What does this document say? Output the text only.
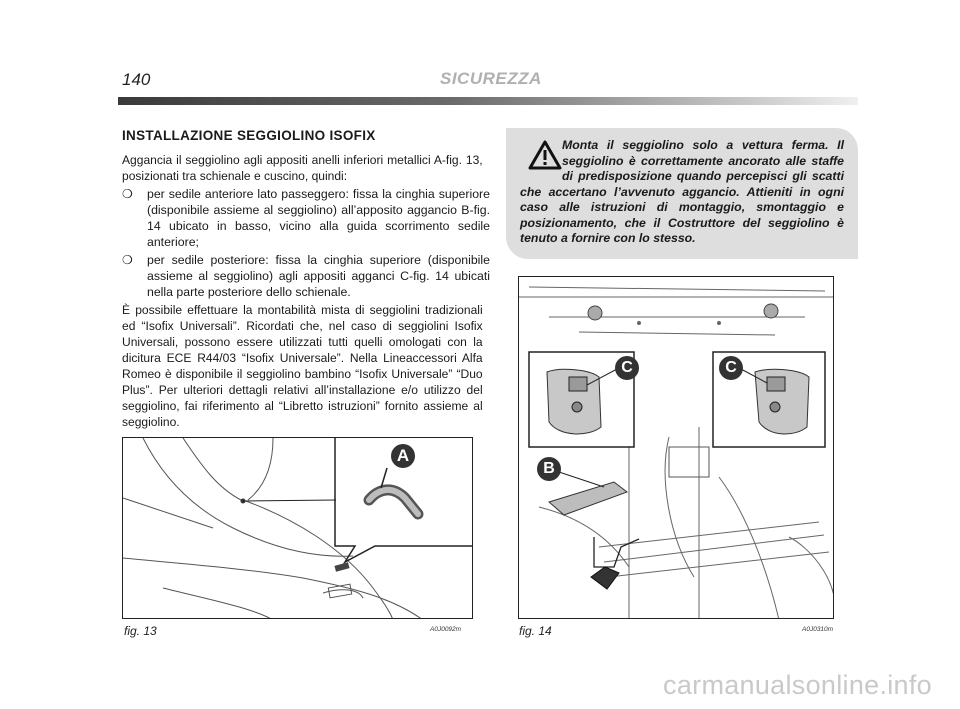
140	SICUREZZA
INSTALLAZIONE SEGGIOLINO ISOFIX

Aggancia il seggiolino agli appositi anelli inferiori metallici A-fig. 13, posizionati tra schienale e cuscino, quindi:

❍	per sedile anteriore lato passeggero: fissa la cinghia superiore (disponibile assieme al seggiolino) all’apposito aggancio B-fig. 14 ubicato in basso, vicino alla guida scorrimento sedile anteriore;
❍	per sedile posteriore: fissa la cinghia superiore (disponibile assieme al seggiolino) agli appositi agganci C-fig. 14 ubicati nella parte posteriore dello schienale.

È possibile effettuare la montabilità mista di seggiolini tradizionali ed “Isofix Universali”. Ricordati che, nel caso di seggiolini Isofix Universali, possono essere utilizzati tutti quelli omologati con la dicitura ECE R44/03 “Isofix Universale”. Nella Lineaccessori Alfa Romeo è disponibile il seggiolino bambino “Isofix Universale” “Duo Plus”. Per ulteriori dettagli relativi all’installazione e/o utilizzo del seggiolino, fai riferimento al “Libretto istruzioni” fornito assieme al seggiolino.

Monta il seggiolino solo a vettura ferma. Il seggiolino è correttamente ancorato alle staffe di predisposizione quando percepisci gli scatti che accertano l’avvenuto aggancio. Attieniti in ogni caso alle istruzioni di montaggio, smontaggio e posizionamento, che il Costruttore del seggiolino è tenuto a fornire con lo stesso.
A
fig. 13	A0J0092m
C	C
B
fig. 14	A0J0310m
carmanualsonline.info
